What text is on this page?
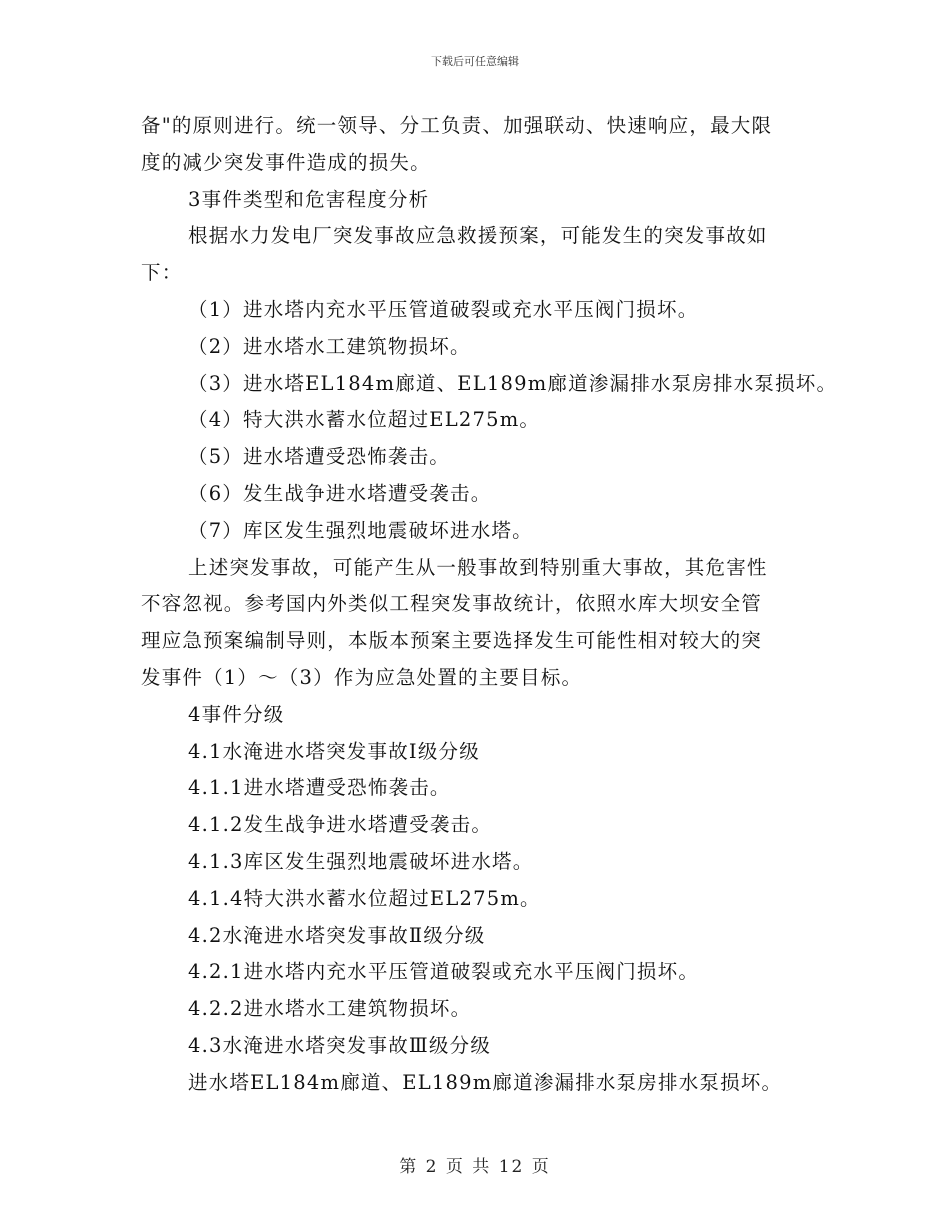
下载后可任意编辑
备"的原则进行。统一领导、分工负责、加强联动、快速响应，最大限
度的减少突发事件造成的损失。
3事件类型和危害程度分析
根据水力发电厂突发事故应急救援预案，可能发生的突发事故如
下：
（1）进水塔内充水平压管道破裂或充水平压阀门损坏。
（2）进水塔水工建筑物损坏。
（3）进水塔EL184m廊道、EL189m廊道渗漏排水泵房排水泵损坏。
（4）特大洪水蓄水位超过EL275m。
（5）进水塔遭受恐怖袭击。
（6）发生战争进水塔遭受袭击。
（7）库区发生强烈地震破坏进水塔。
上述突发事故，可能产生从一般事故到特别重大事故，其危害性
不容忽视。参考国内外类似工程突发事故统计，依照水库大坝安全管
理应急预案编制导则，本版本预案主要选择发生可能性相对较大的突
发事件（1）～（3）作为应急处置的主要目标。
4事件分级
4.1水淹进水塔突发事故Ⅰ级分级
4.1.1进水塔遭受恐怖袭击。
4.1.2发生战争进水塔遭受袭击。
4.1.3库区发生强烈地震破坏进水塔。
4.1.4特大洪水蓄水位超过EL275m。
4.2水淹进水塔突发事故Ⅱ级分级
4.2.1进水塔内充水平压管道破裂或充水平压阀门损坏。
4.2.2进水塔水工建筑物损坏。
4.3水淹进水塔突发事故Ⅲ级分级
进水塔EL184m廊道、EL189m廊道渗漏排水泵房排水泵损坏。
第 2 页 共 12 页
